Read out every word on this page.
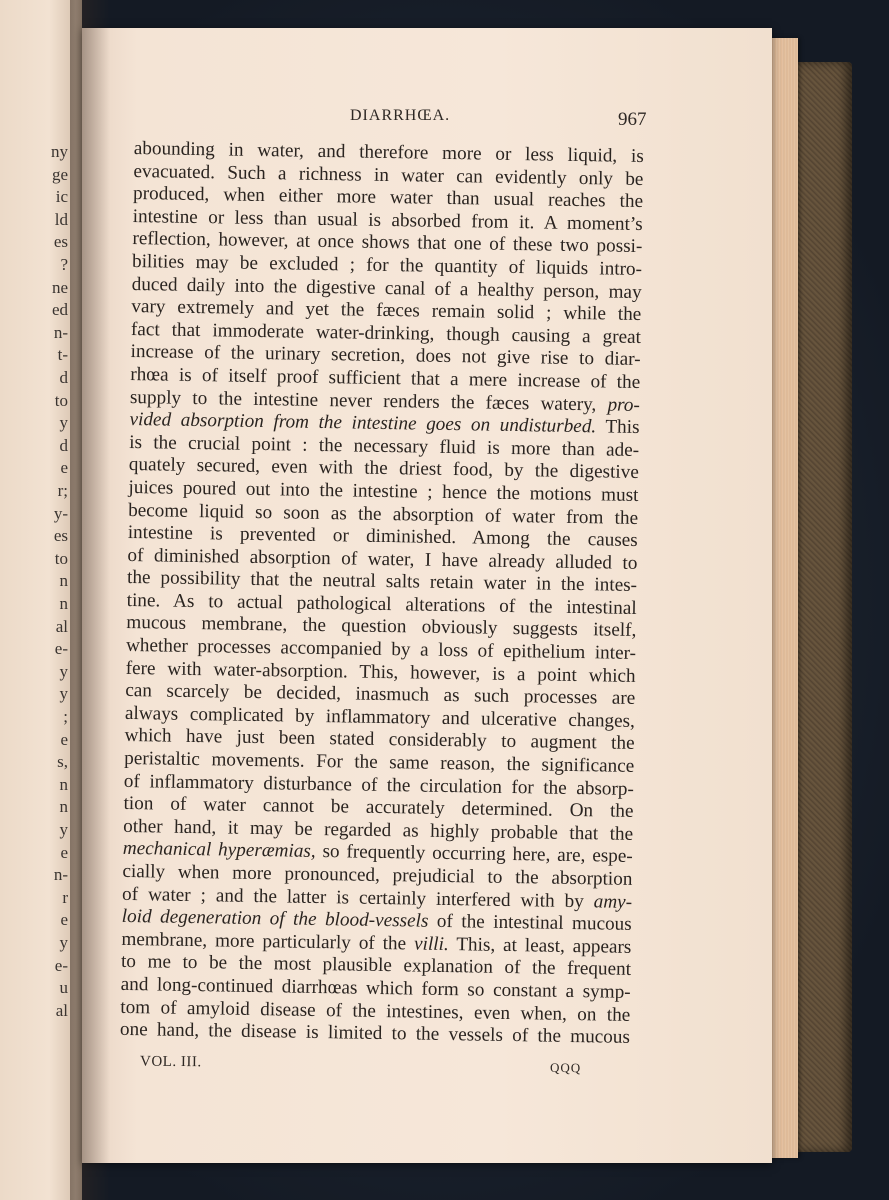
ny
ge
ic
ld
es
?
ne
ed
n-
t-
d
to
y
d
e
r;
y-
es
to
n
n
al
e-
y
y
;
e
s,
n
n
y
e
n-
r
e
y
e-
u
al
DIARRHŒA.	967
abounding in water, and therefore more or less liquid, is
evacuated. Such a richness in water can evidently only be
produced, when either more water than usual reaches the
intestine or less than usual is absorbed from it. A moment’s
reflection, however, at once shows that one of these two possi-
bilities may be excluded ; for the quantity of liquids intro-
duced daily into the digestive canal of a healthy person, may
vary extremely and yet the fæces remain solid ; while the
fact that immoderate water-drinking, though causing a great
increase of the urinary secretion, does not give rise to diar-
rhœa is of itself proof sufficient that a mere increase of the
supply to the intestine never renders the fæces watery, pro-
vided absorption from the intestine goes on undisturbed. This
is the crucial point : the necessary fluid is more than ade-
quately secured, even with the driest food, by the digestive
juices poured out into the intestine ; hence the motions must
become liquid so soon as the absorption of water from the
intestine is prevented or diminished. Among the causes
of diminished absorption of water, I have already alluded to
the possibility that the neutral salts retain water in the intes-
tine. As to actual pathological alterations of the intestinal
mucous membrane, the question obviously suggests itself,
whether processes accompanied by a loss of epithelium inter-
fere with water-absorption. This, however, is a point which
can scarcely be decided, inasmuch as such processes are
always complicated by inflammatory and ulcerative changes,
which have just been stated considerably to augment the
peristaltic movements. For the same reason, the significance
of inflammatory disturbance of the circulation for the absorp-
tion of water cannot be accurately determined. On the
other hand, it may be regarded as highly probable that the
mechanical hyperæmias, so frequently occurring here, are, espe-
cially when more pronounced, prejudicial to the absorption
of water ; and the latter is certainly interfered with by amy-
loid degeneration of the blood-vessels of the intestinal mucous
membrane, more particularly of the villi. This, at least, appears
to me to be the most plausible explanation of the frequent
and long-continued diarrhœas which form so constant a symp-
tom of amyloid disease of the intestines, even when, on the
one hand, the disease is limited to the vessels of the mucous
VOL. III.	QQQ
